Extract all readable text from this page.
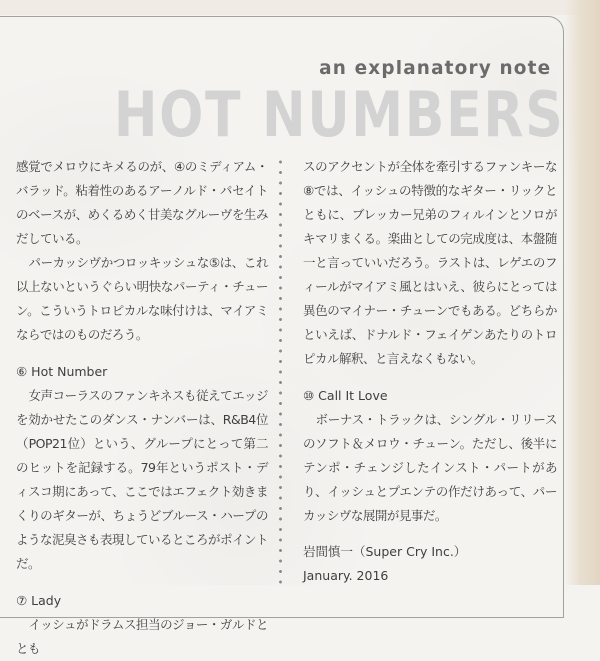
an explanatory note
HOT NUMBERS

感覚でメロウにキメるのが、④のミディアム・バラッド。粘着性のあるアーノルド・パセイトのベースが、めくるめく甘美なグルーヴを生みだしている。

パーカッシヴかつロッキッシュな⑤は、これ以上ないというぐらい明快なパーティ・チューン。こういうトロピカルな味付けは、マイアミならではのものだろう。

⑥ Hot Number

女声コーラスのファンキネスも従えてエッジを効かせたこのダンス・ナンバーは、R&B4位（POP21位）という、グループにとって第二のヒットを記録する。79年というポスト・ディスコ期にあって、ここではエフェクト効きまくりのギターが、ちょうどブルース・ハープのような泥臭さも表現しているところがポイントだ。

⑦ Lady

イッシュがドラムス担当のジョー・ガルドととも

スのアクセントが全体を牽引するファンキーな⑧では、イッシュの特徴的なギター・リックとともに、ブレッカー兄弟のフィルインとソロがキマリまくる。楽曲としての完成度は、本盤随一と言っていいだろう。ラストは、レゲエのフィールがマイアミ風とはいえ、彼らにとっては異色のマイナー・チューンでもある。どちらかといえば、ドナルド・フェイゲンあたりのトロピカル解釈、と言えなくもない。

⑩ Call It Love

ボーナス・トラックは、シングル・リリースのソフト＆メロウ・チューン。ただし、後半にテンポ・チェンジしたインスト・パートがあり、イッシュとプエンテの作だけあって、パーカッシヴな展開が見事だ。

岩間慎一（Super Cry Inc.）

January. 2016
